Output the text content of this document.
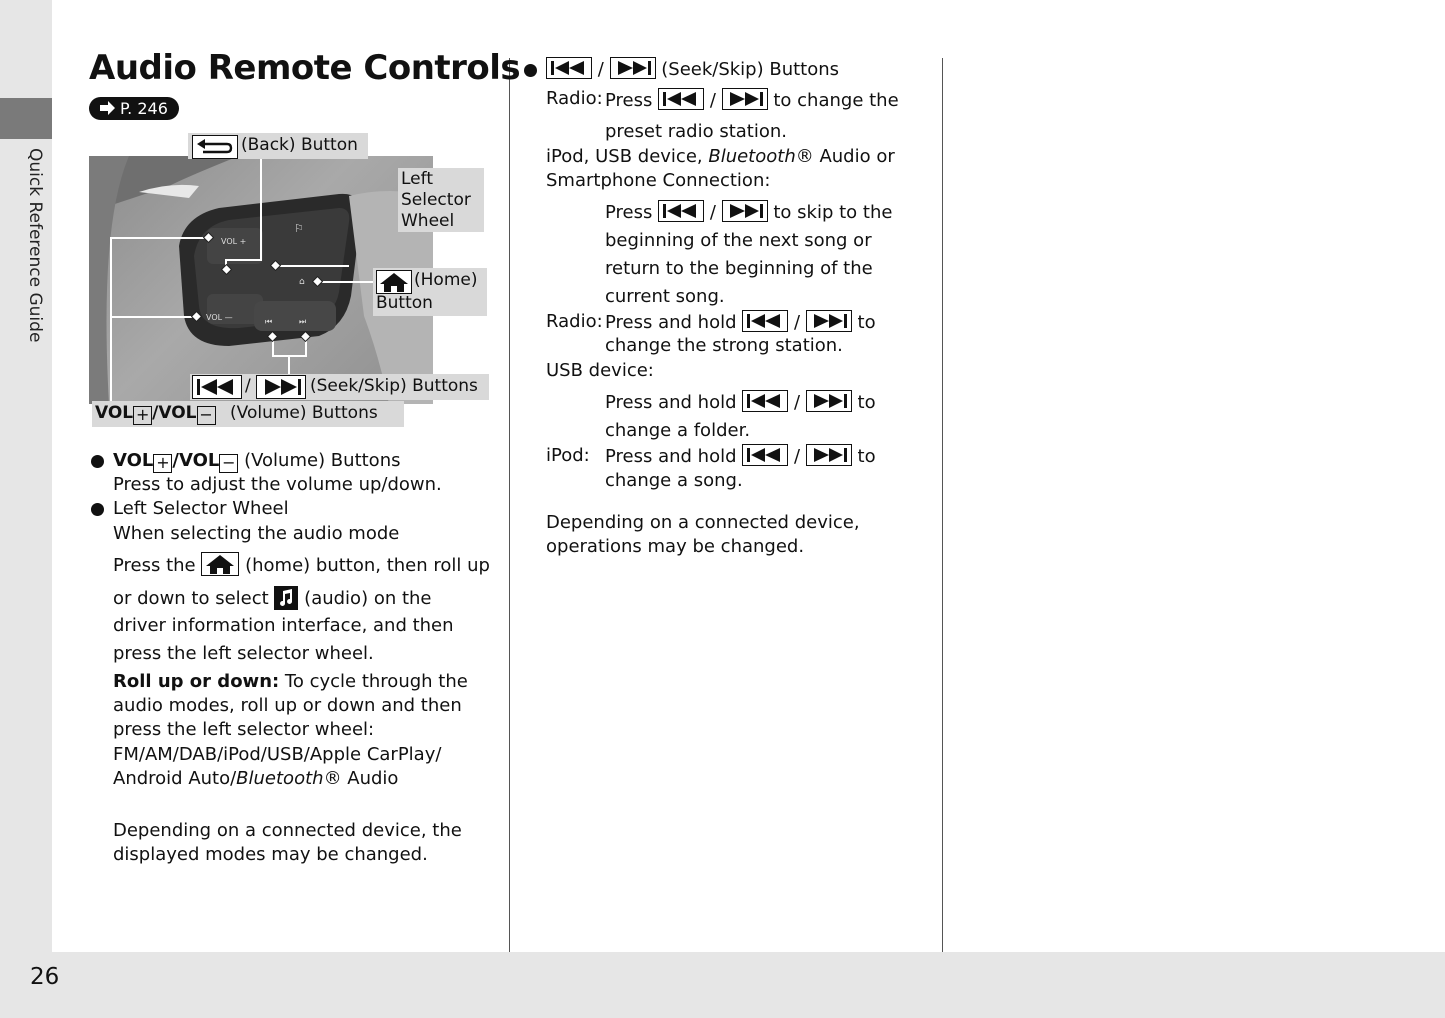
Quick Reference Guide
26
Audio Remote Controls
P. 246
VOL +
VOL —
⚐
⏮	⏭
⌂
(Back) Button
Left
Selector
Wheel
(Home)
Button
/	(Seek/Skip) Buttons
VOL + /VOL − (Volume) Buttons
VOL + /VOL − (Volume) Buttons
Press to adjust the volume up/down.
Left Selector Wheel
When selecting the audio mode
Press the	(home) button, then roll up
or down to select (audio) on the
driver information interface, and then
press the left selector wheel.
Roll up or down: To cycle through the
audio modes, roll up or down and then
press the left selector wheel:
FM/AM/DAB/iPod/USB/Apple CarPlay/
Android Auto/Bluetooth® Audio
Depending on a connected device, the
displayed modes may be changed.
/	(Seek/Skip) Buttons
Radio: Press	/	to change the
preset radio station.
iPod, USB device, Bluetooth® Audio or
Smartphone Connection:
Press	/	to skip to the
beginning of the next song or
return to the beginning of the
current song.
Radio: Press and hold	/	to
change the strong station.
USB device:
Press and hold	/	to
change a folder.
iPod: Press and hold	/	to
change a song.
Depending on a connected device,
operations may be changed.
